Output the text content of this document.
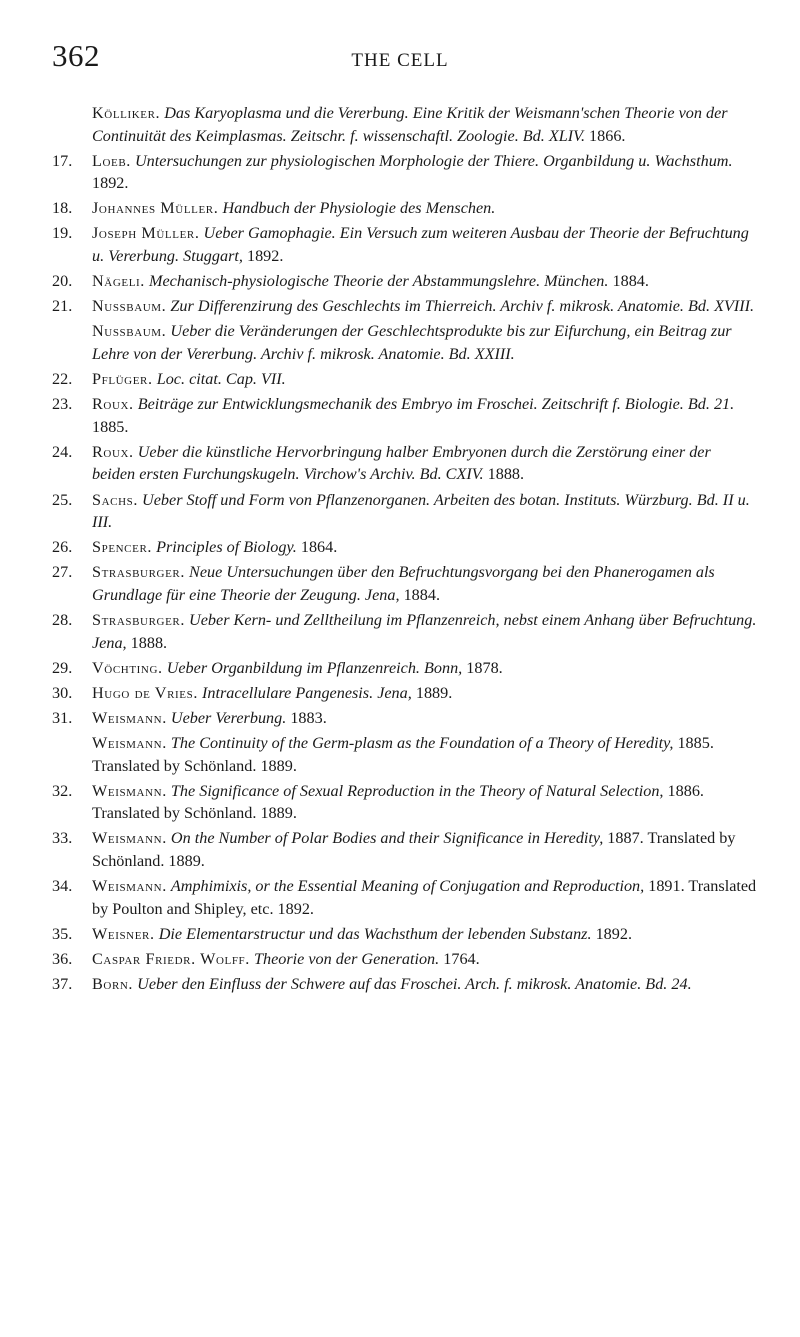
362	THE CELL
Kölliker. Das Karyoplasma und die Vererbung. Eine Kritik der Weismann'schen Theorie von der Continuität des Keimplasmas. Zeitschr. f. wissenschaftl. Zoologie. Bd. XLIV. 1866.
17. Loeb. Untersuchungen zur physiologischen Morphologie der Thiere. Organbildung u. Wachsthum. 1892.
18. Johannes Müller. Handbuch der Physiologie des Menschen.
19. Joseph Müller. Ueber Gamophagie. Ein Versuch zum weiteren Ausbau der Theorie der Befruchtung u. Vererbung. Stuggart, 1892.
20. Nägeli. Mechanisch-physiologische Theorie der Abstammungslehre. München. 1884.
21. Nussbaum. Zur Differenzirung des Geschlechts im Thierreich. Archiv f. mikrosk. Anatomie. Bd. XVIII.
Nussbaum. Ueber die Veränderungen der Geschlechtsprodukte bis zur Eifurchung, ein Beitrag zur Lehre von der Vererbung. Archiv f. mikrosk. Anatomie. Bd. XXIII.
22. Pflüger. Loc. citat. Cap. VII.
23. Roux. Beiträge zur Entwicklungsmechanik des Embryo im Froschei. Zeitschrift f. Biologie. Bd. 21. 1885.
24. Roux. Ueber die künstliche Hervorbringung halber Embryonen durch die Zerstörung einer der beiden ersten Furchungskugeln. Virchow's Archiv. Bd. CXIV. 1888.
25. Sachs. Ueber Stoff und Form von Pflanzenorganen. Arbeiten des botan. Instituts. Würzburg. Bd. II u. III.
26. Spencer. Principles of Biology. 1864.
27. Strasburger. Neue Untersuchungen über den Befruchtungsvorgang bei den Phanerogamen als Grundlage für eine Theorie der Zeugung. Jena, 1884.
28. Strasburger. Ueber Kern- und Zelltheilung im Pflanzenreich, nebst einem Anhang über Befruchtung. Jena, 1888.
29. Vöchting. Ueber Organbildung im Pflanzenreich. Bonn, 1878.
30. Hugo de Vries. Intracellulare Pangenesis. Jena, 1889.
31. Weismann. Ueber Vererbung. 1883.
Weismann. The Continuity of the Germ-plasm as the Foundation of a Theory of Heredity, 1885. Translated by Schönland. 1889.
32. Weismann. The Significance of Sexual Reproduction in the Theory of Natural Selection, 1886. Translated by Schönland. 1889.
33. Weismann. On the Number of Polar Bodies and their Significance in Heredity, 1887. Translated by Schönland. 1889.
34. Weismann. Amphimixis, or the Essential Meaning of Conjugation and Reproduction, 1891. Translated by Poulton and Shipley, etc. 1892.
35. Weisner. Die Elementarstructur und das Wachsthum der lebenden Substanz. 1892.
36. Caspar Friedr. Wolff. Theorie von der Generation. 1764.
37. Born. Ueber den Einfluss der Schwere auf das Froschei. Arch. f. mikrosk. Anatomie. Bd. 24.
